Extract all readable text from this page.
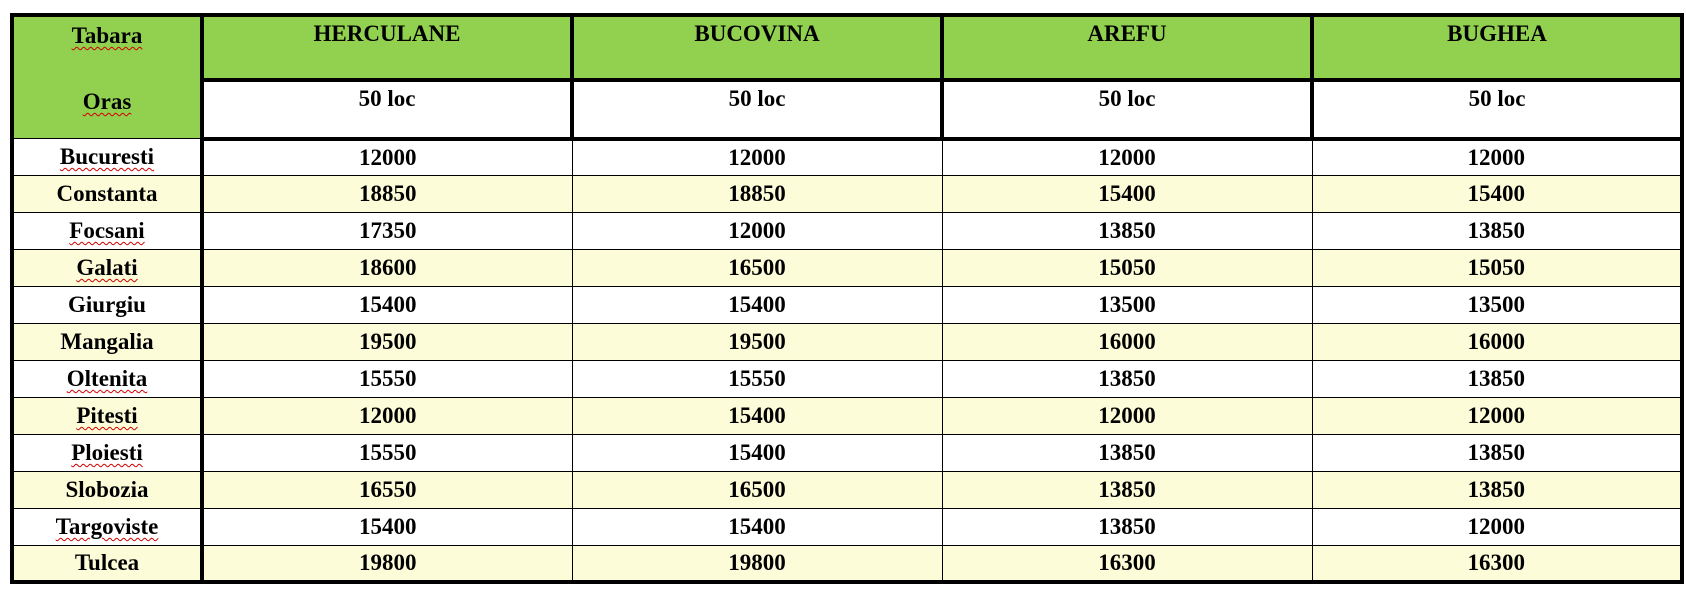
Tabara
Oras	HERCULANE	BUCOVINA	AREFU	BUGHEA
	50 loc	50 loc	50 loc	50 loc
Bucuresti	12000	12000	12000	12000
Constanta	18850	18850	15400	15400
Focsani	17350	12000	13850	13850
Galati	18600	16500	15050	15050
Giurgiu	15400	15400	13500	13500
Mangalia	19500	19500	16000	16000
Oltenita	15550	15550	13850	13850
Pitesti	12000	15400	12000	12000
Ploiesti	15550	15400	13850	13850
Slobozia	16550	16500	13850	13850
Targoviste	15400	15400	13850	12000
Tulcea	19800	19800	16300	16300
